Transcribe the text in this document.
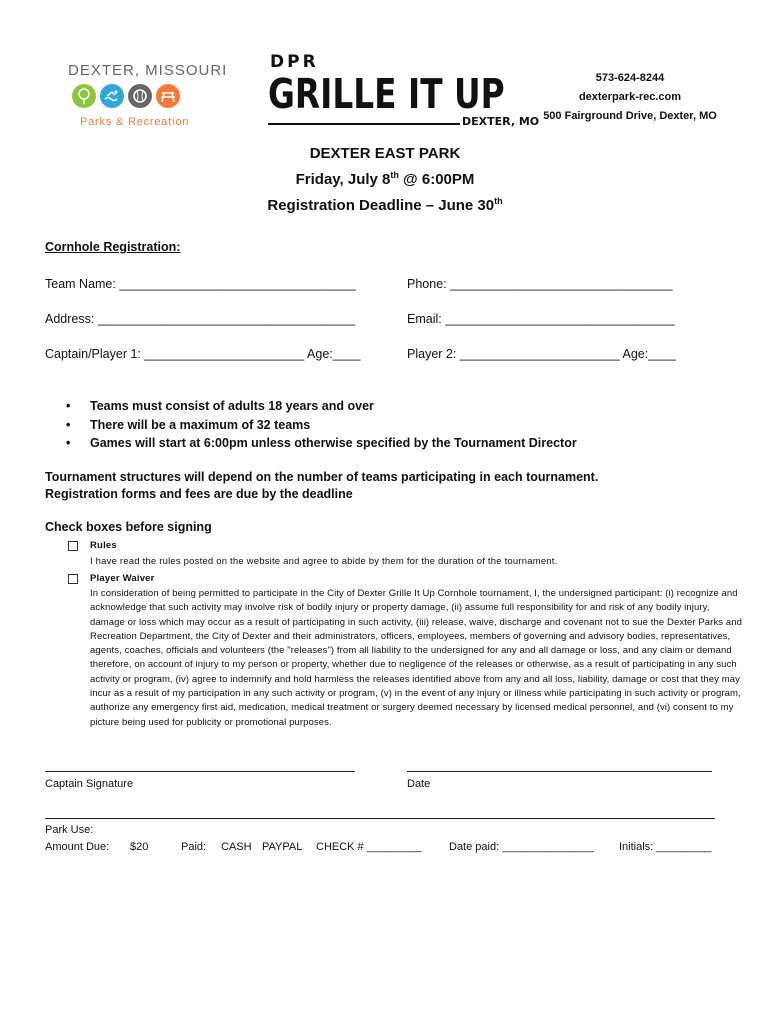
DEXTER, MISSOURI
Parks & Recreation
DPR
GRILLE IT UP
DEXTER, MO
573-624-8244
dexterpark-rec.com
500 Fairground Drive, Dexter, MO
DEXTER EAST PARK
Friday, July 8th @ 6:00PM
Registration Deadline – June 30th
Cornhole Registration:
Team Name: __________________________________	Phone: ________________________________
Address: _____________________________________	Email: _________________________________
Captain/Player 1: _______________________ Age:____	Player 2: _______________________ Age:____
• Teams must consist of adults 18 years and over
• There will be a maximum of 32 teams
• Games will start at 6:00pm unless otherwise specified by the Tournament Director
Tournament structures will depend on the number of teams participating in each tournament.
Registration forms and fees are due by the deadline
Check boxes before signing
Rules
I have read the rules posted on the website and agree to abide by them for the duration of the tournament.
Player Waiver
In consideration of being permitted to participate in the City of Dexter Grille It Up Cornhole tournament, I, the undersigned participant: (i) recognize and acknowledge that such activity may involve risk of bodily injury or property damage, (ii) assume full responsibility for and risk of any bodily injury, damage or loss which may occur as a result of participating in such activity, (iii) release, waive, discharge and covenant not to sue the Dexter Parks and Recreation Department, the City of Dexter and their administrators, officers, employees, members of governing and advisory bodies, representatives, agents, coaches, officials and volunteers (the "releases") from all liability to the undersigned for any and all damage or loss, and any claim or demand therefore, on account of injury to my person or property, whether due to negligence of the releases or otherwise, as a result of participating in any such activity or program, (iv) agree to indemnify and hold harmless the releases identified above from any and all loss, liability, damage or cost that they may incur as a result of my participation in any such activity or program, (v) in the event of any injury or illness while participating in such activity or program, authorize any emergency first aid, medication, medical treatment or surgery deemed necessary by licensed medical personnel, and (vi) consent to my picture being used for publicity or promotional purposes.
Captain Signature	Date
Park Use:
Amount Due: $20	Paid: CASH PAYPAL CHECK # _________ Date paid: _______________ Initials: _________
